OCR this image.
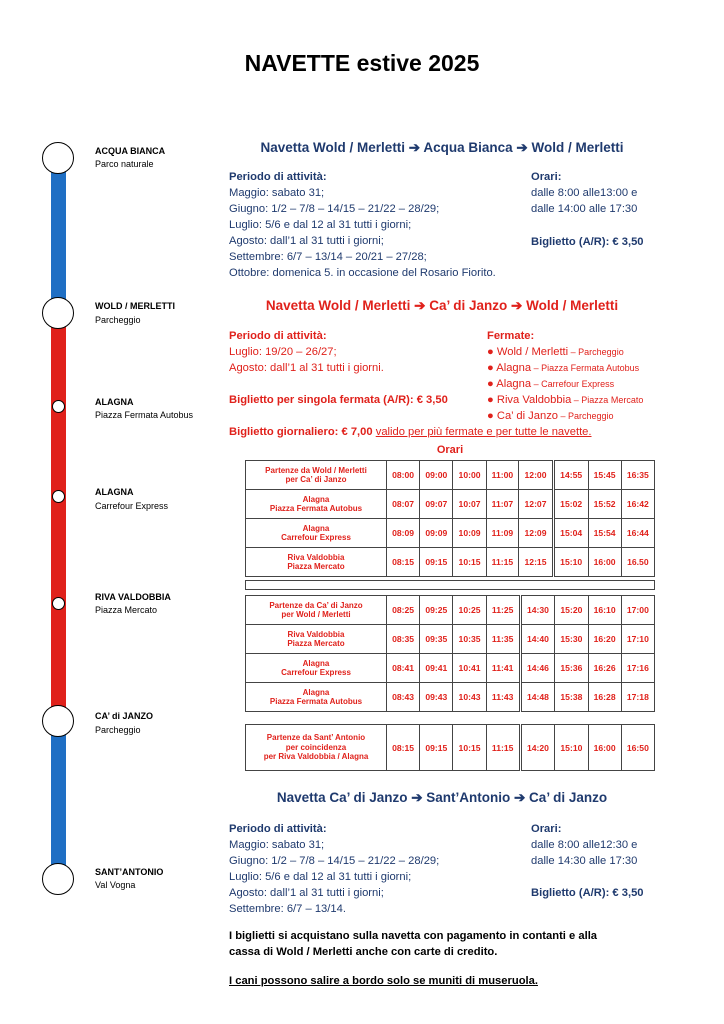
NAVETTE estive 2025
ACQUA BIANCA
Parco naturale
WOLD / MERLETTI
Parcheggio
ALAGNA
Piazza Fermata Autobus
ALAGNA
Carrefour Express
RIVA VALDOBBIA
Piazza Mercato
CA’ di JANZO
Parcheggio
SANT’ANTONIO
Val Vogna
Navetta Wold / Merletti ➔ Acqua Bianca ➔ Wold / Merletti
Periodo di attività:
Maggio: sabato 31;
Giugno: 1/2 – 7/8 – 14/15 – 21/22 – 28/29;
Luglio: 5/6 e dal 12 al 31 tutti i giorni;
Agosto: dall’1 al 31 tutti i giorni;
Settembre: 6/7 – 13/14 – 20/21 – 27/28;
Ottobre: domenica 5. in occasione del Rosario Fiorito.
Orari:
dalle 8:00 alle13:00 e
dalle 14:00 alle 17:30
Biglietto (A/R): € 3,50
Navetta Wold / Merletti ➔ Ca’ di Janzo ➔ Wold / Merletti
Periodo di attività:
Luglio: 19/20 – 26/27;
Agosto: dall’1 al 31 tutti i giorni.
Biglietto per singola fermata (A/R): € 3,50
Biglietto giornaliero: € 7,00 valido per più fermate e per tutte le navette.
Fermate:
● Wold / Merletti – Parcheggio
● Alagna – Piazza Fermata Autobus
● Alagna – Carrefour Express
● Riva Valdobbia – Piazza Mercato
● Ca’ di Janzo – Parcheggio
Orari
Partenze da Wold / Merletti
per Ca’ di Janzo	08:00	09:00	10:00	11:00	12:00	14:55	15:45	16:35
Alagna
Piazza Fermata Autobus	08:07	09:07	10:07	11:07	12:07	15:02	15:52	16:42
Alagna
Carrefour Express	08:09	09:09	10:09	11:09	12:09	15:04	15:54	16:44
Riva Valdobbia
Piazza Mercato	08:15	09:15	10:15	11:15	12:15	15:10	16:00	16.50
Partenze da Ca’ di Janzo
per Wold / Merletti	08:25	09:25	10:25	11:25	14:30	15:20	16:10	17:00
Riva Valdobbia
Piazza Mercato	08:35	09:35	10:35	11:35	14:40	15:30	16:20	17:10
Alagna
Carrefour Express	08:41	09:41	10:41	11:41	14:46	15:36	16:26	17:16
Alagna
Piazza Fermata Autobus	08:43	09:43	10:43	11:43	14:48	15:38	16:28	17:18
Partenze da Sant’ Antonio
per coincidenza
per Riva Valdobbia / Alagna	08:15	09:15	10:15	11:15	14:20	15:10	16:00	16:50
Navetta Ca’ di Janzo ➔ Sant’Antonio ➔ Ca’ di Janzo
Periodo di attività:
Maggio: sabato 31;
Giugno: 1/2 – 7/8 – 14/15 – 21/22 – 28/29;
Luglio: 5/6 e dal 12 al 31 tutti i giorni;
Agosto: dall’1 al 31 tutti i giorni;
Settembre: 6/7 – 13/14.
Orari:
dalle 8:00 alle12:30 e
dalle 14:30 alle 17:30
Biglietto (A/R): € 3,50
I biglietti si acquistano sulla navetta con pagamento in contanti e alla
cassa di Wold / Merletti anche con carte di credito.
I cani possono salire a bordo solo se muniti di museruola.
